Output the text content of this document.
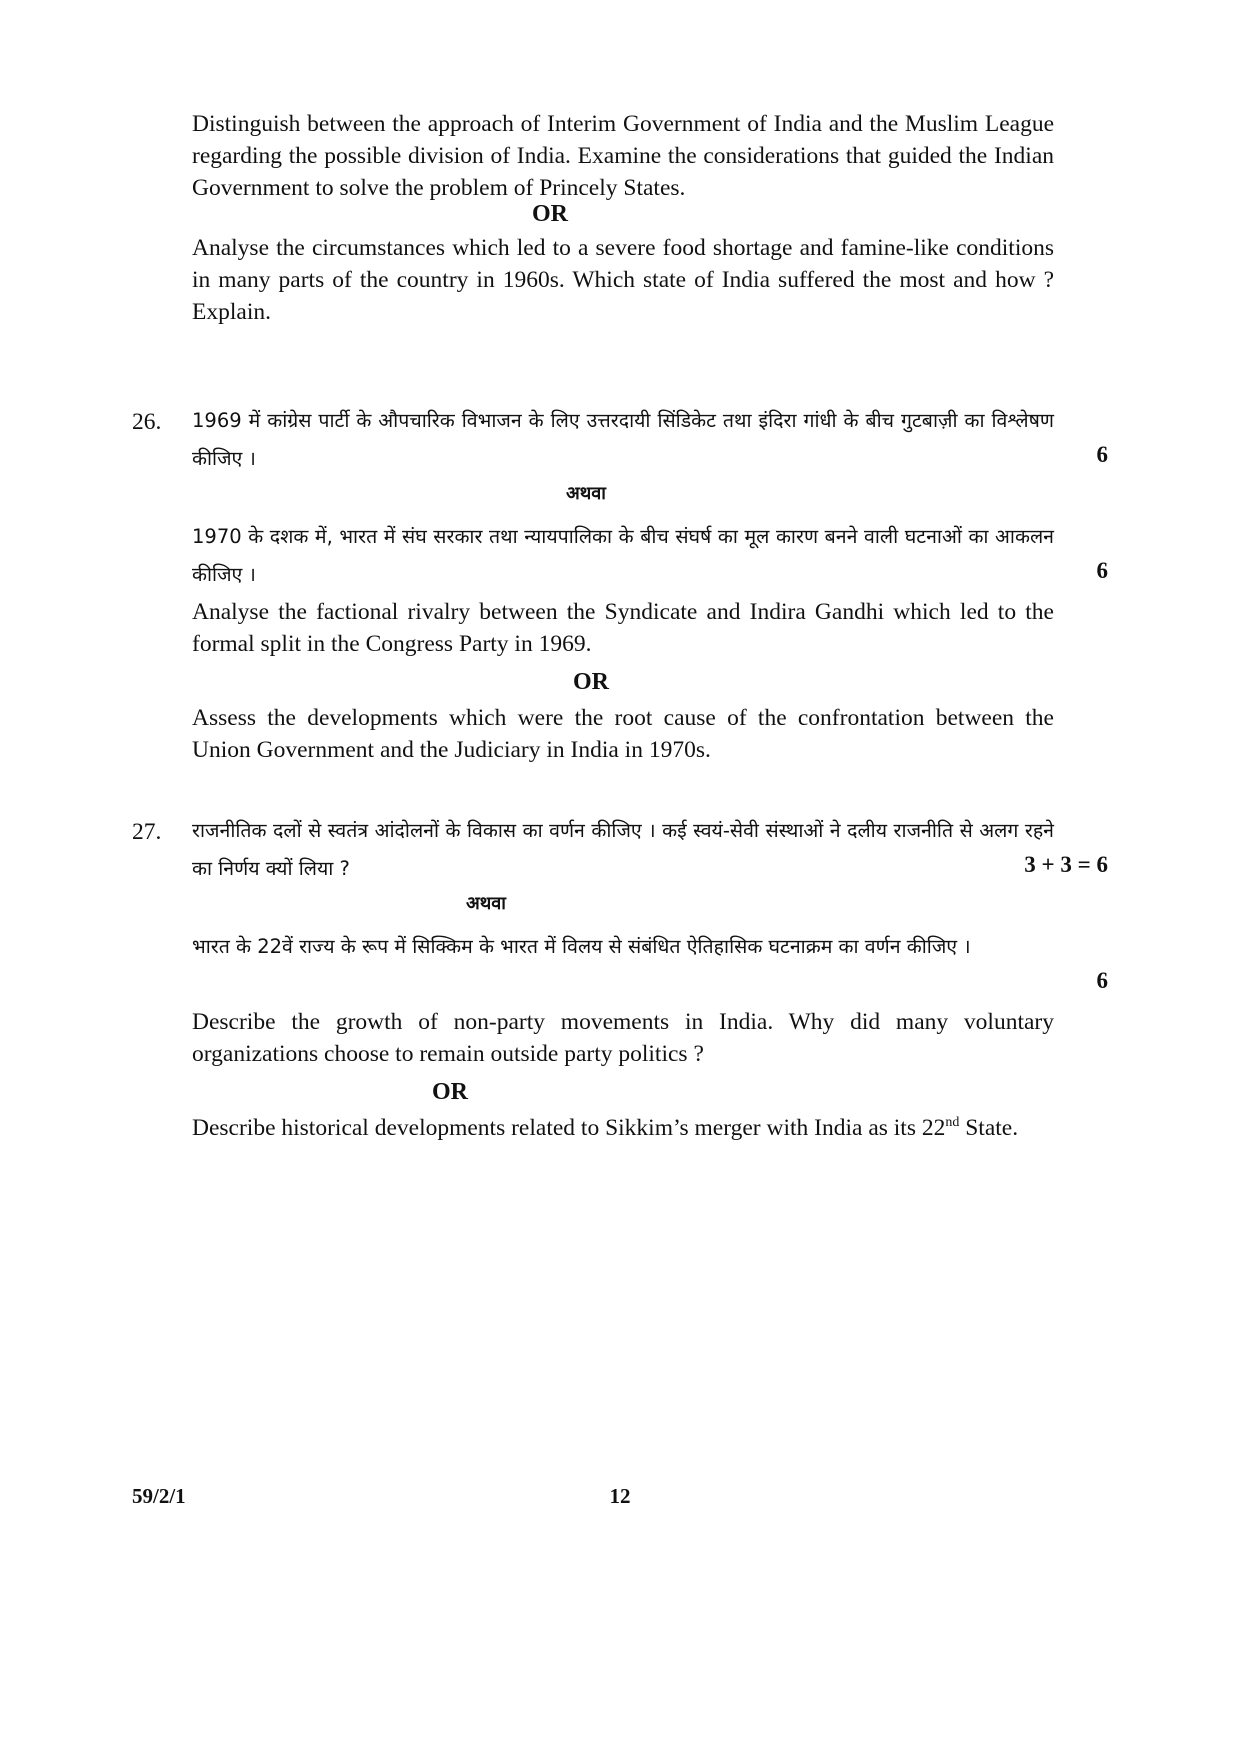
Distinguish between the approach of Interim Government of India and the Muslim League regarding the possible division of India. Examine the considerations that guided the Indian Government to solve the problem of Princely States.

OR

Analyse the circumstances which led to a severe food shortage and famine-like conditions in many parts of the country in 1960s. Which state of India suffered the most and how ? Explain.

26. 1969 में कांग्रेस पार्टी के औपचारिक विभाजन के लिए उत्तरदायी सिंडिकेट तथा इंदिरा गांधी के बीच गुटबाज़ी का विश्लेषण कीजिए ।	6

अथवा

1970 के दशक में, भारत में संघ सरकार तथा न्यायपालिका के बीच संघर्ष का मूल कारण बनने वाली घटनाओं का आकलन कीजिए ।	6

Analyse the factional rivalry between the Syndicate and Indira Gandhi which led to the formal split in the Congress Party in 1969.

OR

Assess the developments which were the root cause of the confrontation between the Union Government and the Judiciary in India in 1970s.

27. राजनीतिक दलों से स्वतंत्र आंदोलनों के विकास का वर्णन कीजिए । कई स्वयं-सेवी संस्थाओं ने दलीय राजनीति से अलग रहने का निर्णय क्यों लिया ?	3 + 3 = 6

अथवा

भारत के 22वें राज्य के रूप में सिक्किम के भारत में विलय से संबंधित ऐतिहासिक घटनाक्रम का वर्णन कीजिए ।

6

Describe the growth of non-party movements in India. Why did many voluntary organizations choose to remain outside party politics ?

OR

Describe historical developments related to Sikkim’s merger with India as its 22nd State.

59/2/1	12
